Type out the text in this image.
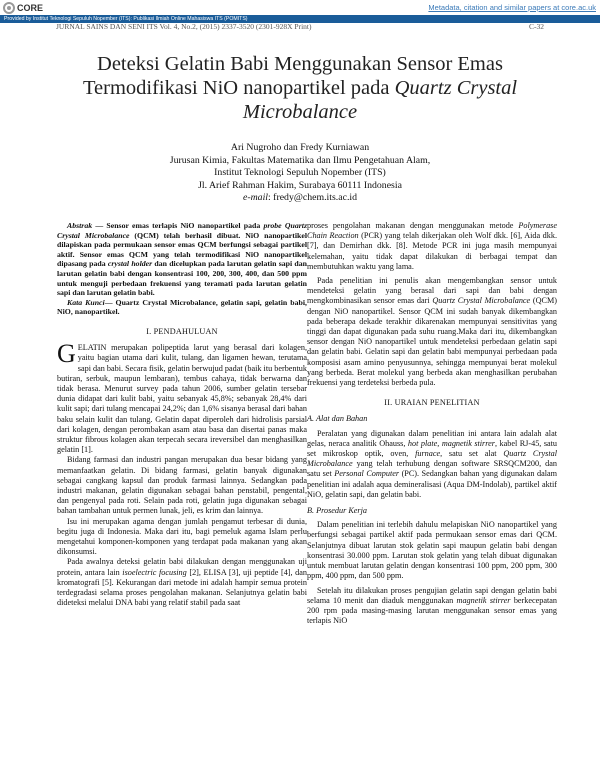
CORE	Metadata, citation and similar papers at core.ac.uk
Provided by Institut Teknologi Sepuluh Nopember (ITS): Publikasi Ilmiah Online Mahasiswa ITS (POMITS)
JURNAL SAINS DAN SENI ITS Vol. 4, No.2, (2015) 2337-3520 (2301-928X Print)	C-32
Deteksi Gelatin Babi Menggunakan Sensor Emas
Termodifikasi NiO nanopartikel pada Quartz Crystal
Microbalance
Ari Nugroho dan Fredy Kurniawan
Jurusan Kimia, Fakultas Matematika dan Ilmu Pengetahuan Alam,
Institut Teknologi Sepuluh Nopember (ITS)
Jl. Arief Rahman Hakim, Surabaya 60111 Indonesia
e-mail: fredy@chem.its.ac.id

Abstrak — Sensor emas terlapis NiO nanopartikel pada probe Quartz Crystal Microbalance (QCM) telah berhasil dibuat. NiO nanopartikel dilapiskan pada permukaan sensor emas QCM berfungsi sebagai partikel aktif. Sensor emas QCM yang telah termodifikasi NiO nanopartikel dipasang pada crystal holder dan dicelupkan pada larutan gelatin sapi dan larutan gelatin babi dengan konsentrasi 100, 200, 300, 400, dan 500 ppm untuk menguji perbedaan frekuensi yang teramati pada larutan gelatin sapi dan larutan gelatin babi.

Kata Kunci— Quartz Crystal Microbalance, gelatin sapi, gelatin babi, NiO, nanopartikel.

I. PENDAHULUAN

GELATIN merupakan polipeptida larut yang berasal dari kolagen, yaitu bagian utama dari kulit, tulang, dan ligamen hewan, terutama sapi dan babi. Secara fisik, gelatin berwujud padat (baik itu berbentuk butiran, serbuk, maupun lembaran), tembus cahaya, tidak berwarna dan tidak berasa. Menurut survey pada tahun 2006, sumber gelatin tersebar dunia didapat dari kulit babi, yaitu sebanyak 45,8%; sebanyak 28,4% dari kulit sapi; dari tulang mencapai 24,2%; dan 1,6% sisanya berasal dari bahan baku selain kulit dan tulang. Gelatin dapat diperoleh dari hidrolisis parsial dari kolagen, dengan perombakan asam atau basa dan disertai panas maka struktur fibrous kolagen akan terpecah secara ireversibel dan menghasilkan gelatin [1].

Bidang farmasi dan industri pangan merupakan dua besar bidang yang memanfaatkan gelatin. Di bidang farmasi, gelatin banyak digunakan sebagai cangkang kapsul dan produk farmasi lainnya. Sedangkan pada industri makanan, gelatin digunakan sebagai bahan penstabil, pengental, dan pengenyal pada roti. Selain pada roti, gelatin juga digunakan sebagai bahan tambahan untuk permen lunak, jeli, es krim dan lainnya.

Isu ini merupakan agama dengan jumlah pengamut terbesar di dunia, begitu juga di Indonesia. Maka dari itu, bagi pemeluk agama Islam perlu mengetahui komponen-komponen yang terdapat pada makanan yang akan dikonsumsi.

Pada awalnya deteksi gelatin babi dilakukan dengan menggunakan uji protein, antara lain isoelectric focusing [2], ELISA [3], uji peptide [4], dan kromatografi [5]. Kekurangan dari metode ini adalah hampir semua protein terdegradasi selama proses pengolahan makanan. Selanjutnya gelatin babi dideteksi melalui DNA babi yang relatif stabil pada saat

proses pengolahan makanan dengan menggunakan metode Polymerase Chain Reaction (PCR) yang telah dikerjakan oleh Wolf dkk. [6], Aida dkk. [7], dan Demirhan dkk. [8]. Metode PCR ini juga masih mempunyai kelemahan, yaitu tidak dapat dilakukan di berbagai tempat dan membutuhkan waktu yang lama.

Pada penelitian ini penulis akan mengembangkan sensor untuk mendeteksi gelatin yang berasal dari sapi dan babi dengan mengkombinasikan sensor emas dari Quartz Crystal Microbalance (QCM) dengan NiO nanopartikel. Sensor QCM ini sudah banyak dikembangkan pada beberapa dekade terakhir dikarenakan mempunyai sensitivitas yang tinggi dan dapat digunakan pada suhu ruang.Maka dari itu, dikembangkan sensor dengan NiO nanopartikel untuk mendeteksi perbedaan gelatin sapi dan gelatin babi. Gelatin sapi dan gelatin babi mempunyai perbedaan pada komposisi asam amino penyusunnya, sehingga mempunyai berat molekul yang berbeda. Berat molekul yang berbeda akan menghasilkan perubahan frekuensi yang terdeteksi berbeda pula.

II. URAIAN PENELITIAN
A. Alat dan Bahan

Peralatan yang digunakan dalam penelitian ini antara lain adalah alat gelas, neraca analitik Ohauss, hot plate, magnetik stirrer, kabel RJ-45, satu set mikroskop optik, oven, furnace, satu set alat Quartz Crystal Microbalance yang telah terhubung dengan software SRSQCM200, dan satu set Personal Computer (PC). Sedangkan bahan yang digunakan dalam penelitian ini adalah aqua demineralisasi (Aqua DM-Indolab), partikel aktif NiO, gelatin sapi, dan gelatin babi.

B. Prosedur Kerja

Dalam penelitian ini terlebih dahulu melapiskan NiO nanopartikel yang berfungsi sebagai partikel aktif pada permukaan sensor emas dari QCM. Selanjutnya dibuat larutan stok gelatin sapi maupun gelatin babi dengan konsentrasi 30.000 ppm. Larutan stok gelatin yang telah dibuat digunakan untuk membuat larutan gelatin dengan konsentrasi 100 ppm, 200 ppm, 300 ppm, 400 ppm, dan 500 ppm.

Setelah itu dilakukan proses pengujian gelatin sapi dengan gelatin babi selama 10 menit dan diaduk menggunakan magnetik stirrer berkecepatan 200 rpm pada masing-masing larutan menggunakan sensor emas yang terlapis NiO
